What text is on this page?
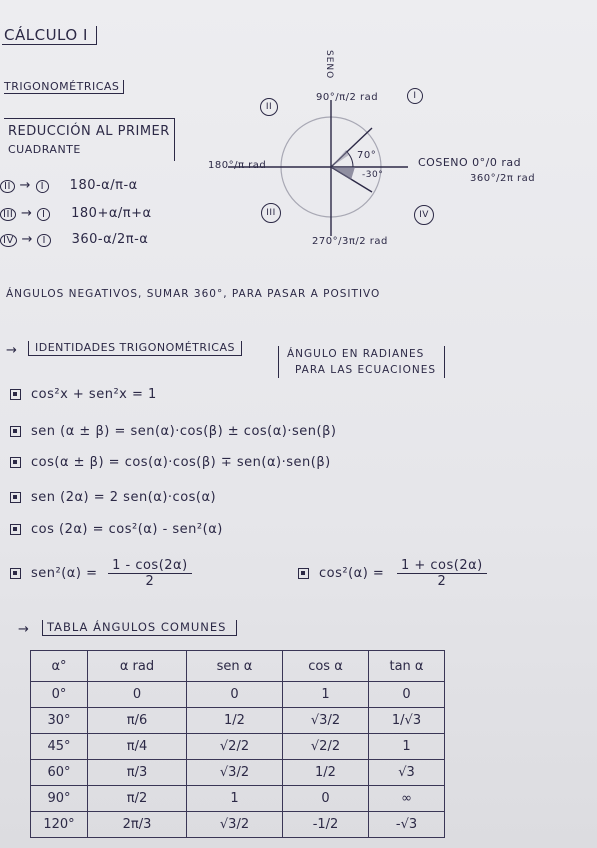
CÁLCULO I
TRIGONOMÉTRICAS
REDUCCIÓN AL PRIMER
CUADRANTE
II → I 180-α/π-α
III → I 180+α/π+α
IV → I 360-α/2π-α
SENO
90°/π/2 rad
180°/π rad	COSENO 0°/0 rad
360°/2π rad
270°/3π/2 rad
70°
-30°
I
II
III	IV
ÁNGULOS NEGATIVOS, SUMAR 360°, PARA PASAR A POSITIVO
→	IDENTIDADES TRIGONOMÉTRICAS	ÁNGULO EN RADIANES
PARA LAS ECUACIONES
cos²x + sen²x = 1
sen (α ± β) = sen(α)·cos(β) ± cos(α)·sen(β)
cos(α ± β) = cos(α)·cos(β) ∓ sen(α)·sen(β)
sen (2α) = 2 sen(α)·cos(α)
cos (2α) = cos²(α) - sen²(α)
$sen^2(\alpha) = \frac{1 - \cos(2\alpha)}{2}$	$\cos^2(\alpha) = \frac{1 + \cos(2\alpha)}{2}$
→	TABLA ÁNGULOS COMUNES
α°	α rad	sen α	cos α	tan α
0°	0	0	1	0
30°	π/6	1/2	√3/2	1/√3
45°	π/4	√2/2	√2/2	1
60°	π/3	√3/2	1/2	√3
90°	π/2	1	0	∞
120°	2π/3	√3/2	-1/2	-√3
